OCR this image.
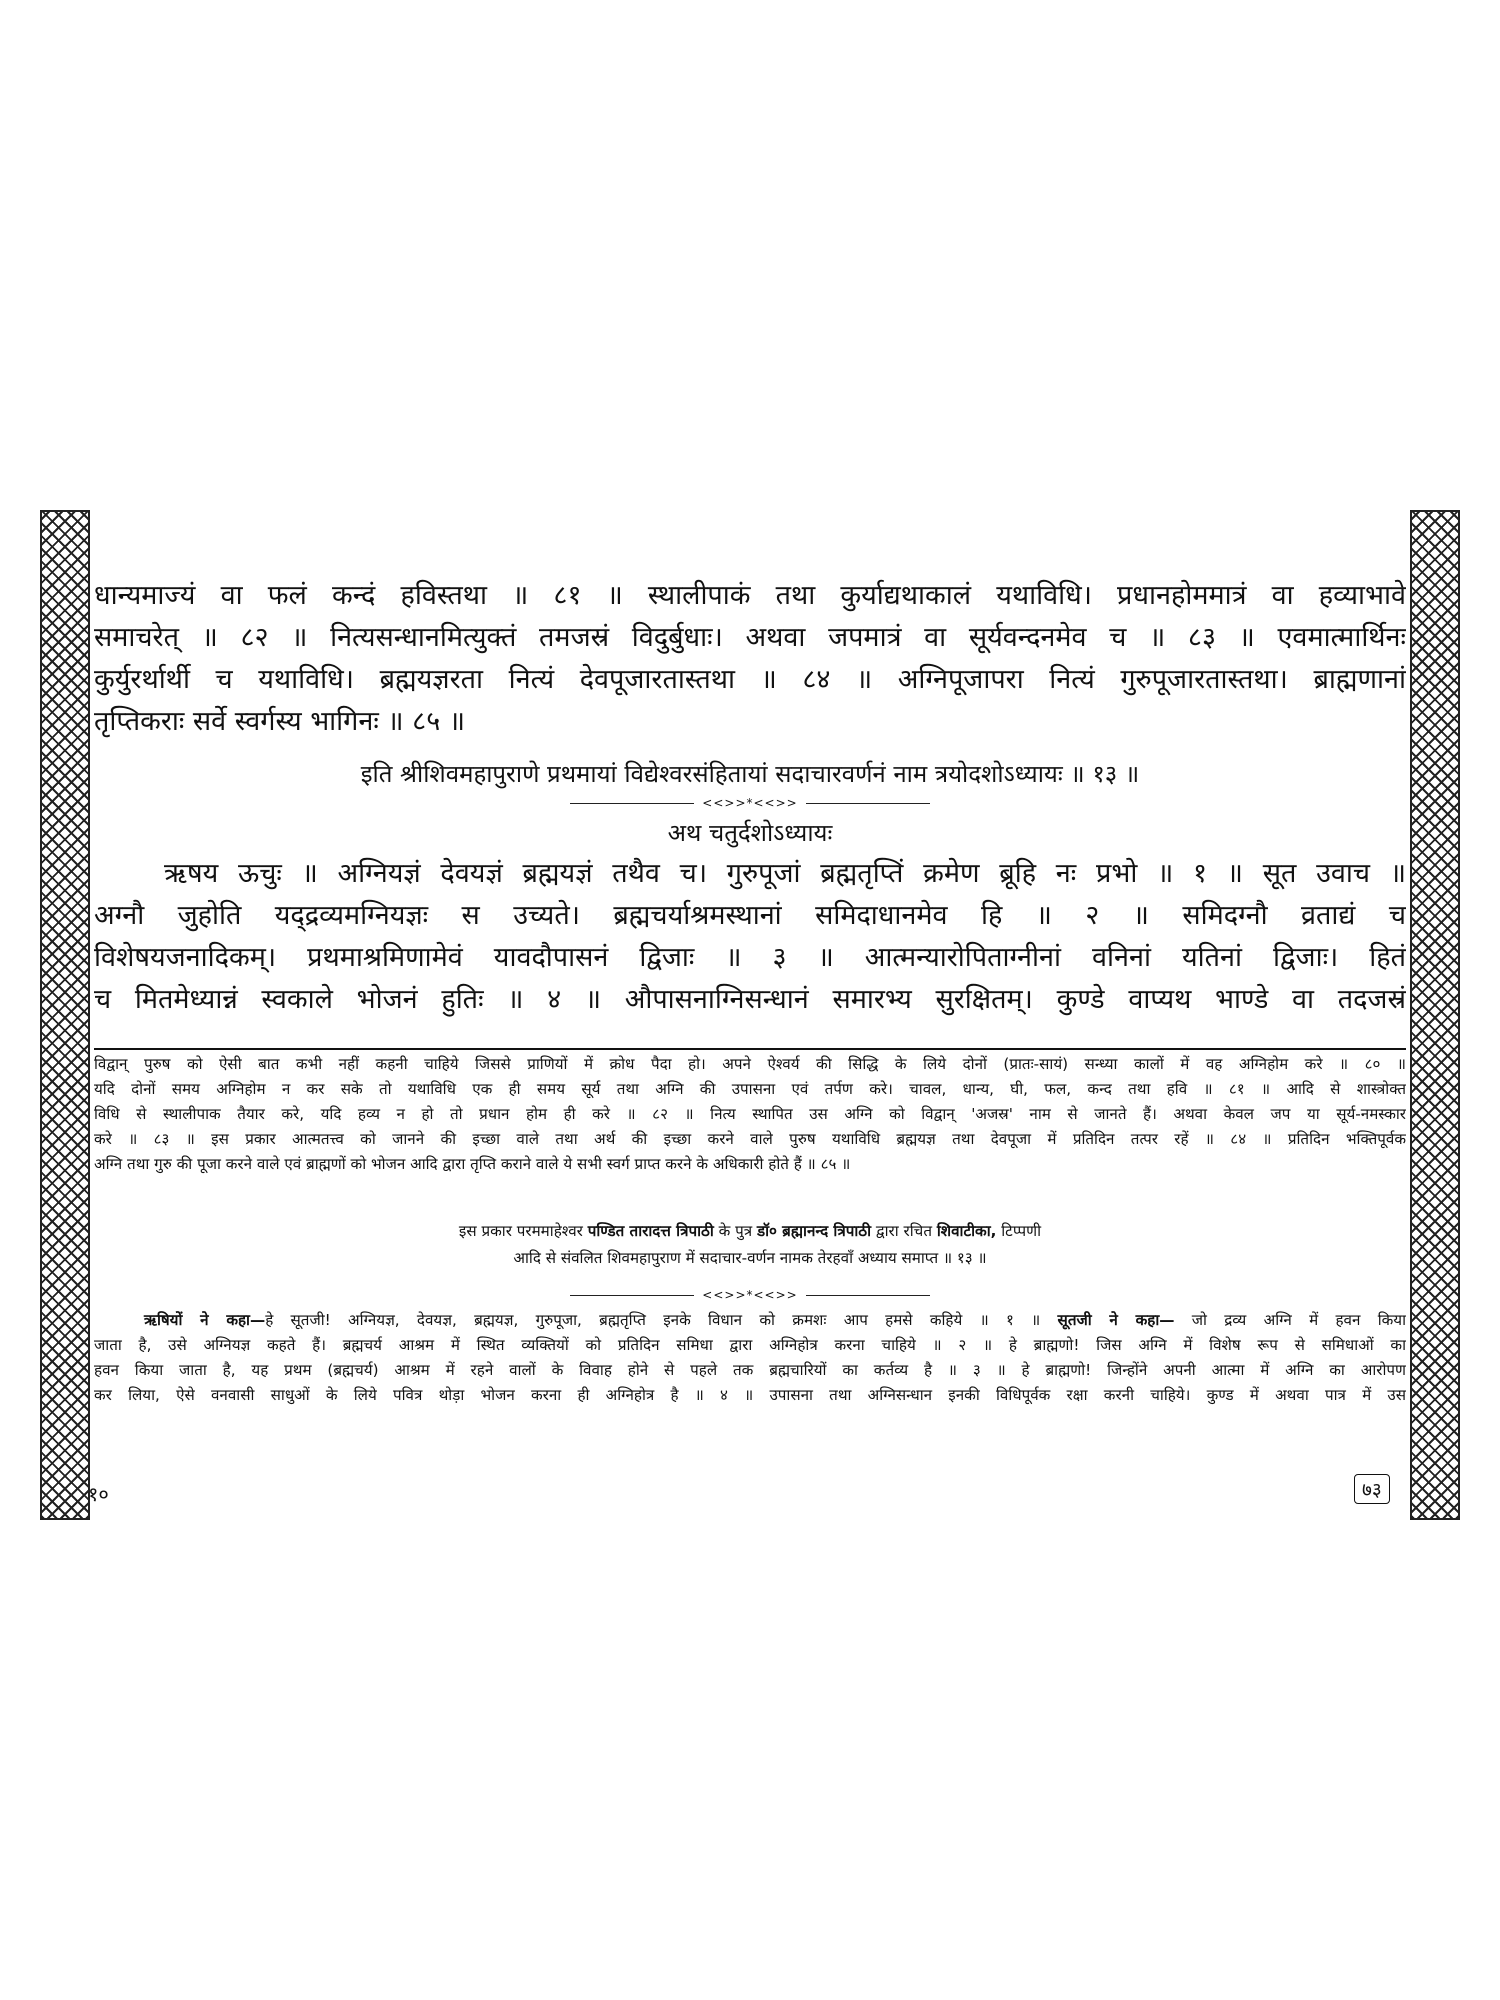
धान्यमाज्यं वा फलं कन्दं हविस्तथा ॥ ८१ ॥ स्थालीपाकं तथा कुर्याद्यथाकालं यथाविधि। प्रधानहोममात्रं वा हव्याभावे
समाचरेत् ॥ ८२ ॥ नित्यसन्धानमित्युक्तं तमजस्रं विदुर्बुधाः। अथवा जपमात्रं वा सूर्यवन्दनमेव च ॥ ८३ ॥ एवमात्मार्थिनः
कुर्युरर्थार्थी च यथाविधि। ब्रह्मयज्ञरता नित्यं देवपूजारतास्तथा ॥ ८४ ॥ अग्निपूजापरा नित्यं गुरुपूजारतास्तथा। ब्राह्मणानां
तृप्तिकराः सर्वे स्वर्गस्य भागिनः ॥ ८५ ॥
इति श्रीशिवमहापुराणे प्रथमायां विद्येश्वरसंहितायां सदाचारवर्णनं नाम त्रयोदशोऽध्यायः ॥ १३ ॥
<<>>*<<>>
अथ चतुर्दशोऽध्यायः
ऋषय ऊचुः ॥ अग्नियज्ञं देवयज्ञं ब्रह्मयज्ञं तथैव च। गुरुपूजां ब्रह्मतृप्तिं क्रमेण ब्रूहि नः प्रभो ॥ १ ॥ सूत उवाच ॥
अग्नौ जुहोति यद्द्रव्यमग्नियज्ञः स उच्यते। ब्रह्मचर्याश्रमस्थानां समिदाधानमेव हि ॥ २ ॥ समिदग्नौ व्रताद्यं च
विशेषयजनादिकम्। प्रथमाश्रमिणामेवं यावदौपासनं द्विजाः ॥ ३ ॥ आत्मन्यारोपिताग्नीनां वनिनां यतिनां द्विजाः। हितं
च मितमेध्यान्नं स्वकाले भोजनं हुतिः ॥ ४ ॥ औपासनाग्निसन्धानं समारभ्य सुरक्षितम्। कुण्डे वाप्यथ भाण्डे वा तदजस्रं
विद्वान् पुरुष को ऐसी बात कभी नहीं कहनी चाहिये जिससे प्राणियों में क्रोध पैदा हो। अपने ऐश्वर्य की सिद्धि के लिये दोनों (प्रातः-सायं) सन्ध्या कालों में वह अग्निहोम करे ॥ ८० ॥
यदि दोनों समय अग्निहोम न कर सके तो यथाविधि एक ही समय सूर्य तथा अग्नि की उपासना एवं तर्पण करे। चावल, धान्य, घी, फल, कन्द तथा हवि ॥ ८१ ॥ आदि से शास्त्रोक्त
विधि से स्थालीपाक तैयार करे, यदि हव्य न हो तो प्रधान होम ही करे ॥ ८२ ॥ नित्य स्थापित उस अग्नि को विद्वान् 'अजस्र' नाम से जानते हैं। अथवा केवल जप या सूर्य-नमस्कार
करे ॥ ८३ ॥ इस प्रकार आत्मतत्त्व को जानने की इच्छा वाले तथा अर्थ की इच्छा करने वाले पुरुष यथाविधि ब्रह्मयज्ञ तथा देवपूजा में प्रतिदिन तत्पर रहें ॥ ८४ ॥ प्रतिदिन भक्तिपूर्वक
अग्नि तथा गुरु की पूजा करने वाले एवं ब्राह्मणों को भोजन आदि द्वारा तृप्ति कराने वाले ये सभी स्वर्ग प्राप्त करने के अधिकारी होते हैं ॥ ८५ ॥
इस प्रकार परममाहेश्वर पण्डित तारादत्त त्रिपाठी के पुत्र डॉ० ब्रह्मानन्द त्रिपाठी द्वारा रचित शिवाटीका, टिप्पणी
आदि से संवलित शिवमहापुराण में सदाचार-वर्णन नामक तेरहवाँ अध्याय समाप्त ॥ १३ ॥
<<>>*<<>>
ऋषियों ने कहा—हे सूतजी! अग्नियज्ञ, देवयज्ञ, ब्रह्मयज्ञ, गुरुपूजा, ब्रह्मतृप्ति इनके विधान को क्रमशः आप हमसे कहिये ॥ १ ॥ सूतजी ने कहा— जो द्रव्य अग्नि में हवन किया
जाता है, उसे अग्नियज्ञ कहते हैं। ब्रह्मचर्य आश्रम में स्थित व्यक्तियों को प्रतिदिन समिधा द्वारा अग्निहोत्र करना चाहिये ॥ २ ॥ हे ब्राह्मणो! जिस अग्नि में विशेष रूप से समिधाओं का
हवन किया जाता है, यह प्रथम (ब्रह्मचर्य) आश्रम में रहने वालों के विवाह होने से पहले तक ब्रह्मचारियों का कर्तव्य है ॥ ३ ॥ हे ब्राह्मणो! जिन्होंने अपनी आत्मा में अग्नि का आरोपण
कर लिया, ऐसे वनवासी साधुओं के लिये पवित्र थोड़ा भोजन करना ही अग्निहोत्र है ॥ ४ ॥ उपासना तथा अग्निसन्धान इनकी विधिपूर्वक रक्षा करनी चाहिये। कुण्ड में अथवा पात्र में उस
१०	७३
